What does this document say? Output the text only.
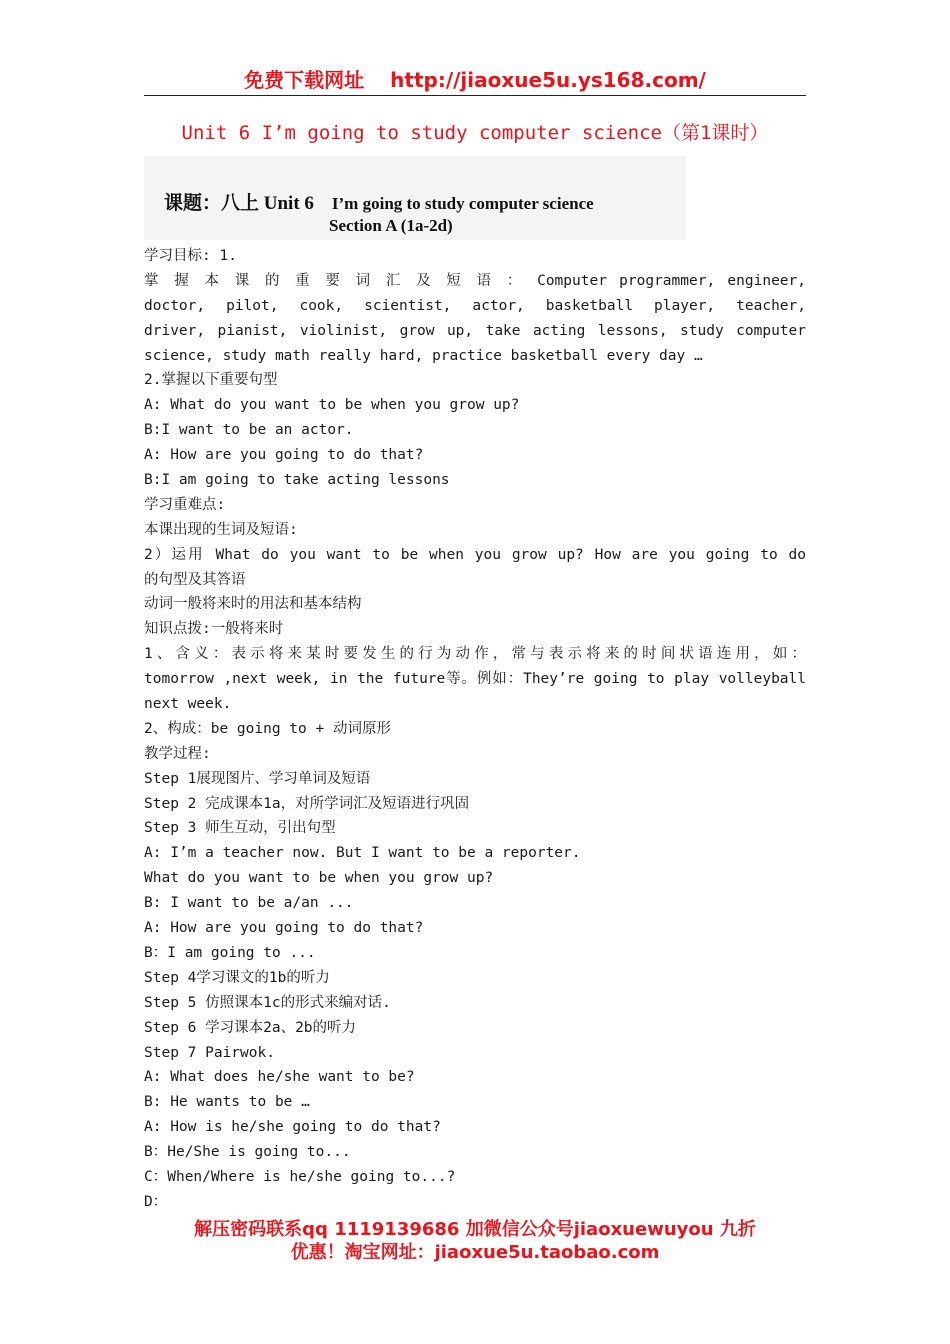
免费下载网址 http://jiaoxue5u.ys168.com/
Unit 6 I’m going to study computer science（第1课时）
课题：八上 Unit 6 I’m going to study computer science
Section A (1a-2d)
学习目标: 1.
掌 握 本 课 的 重 要 词 汇 及 短 语 ： Computer programmer, engineer,
doctor, pilot, cook, scientist, actor, basketball player, teacher,
driver, pianist, violinist, grow up, take acting lessons, study computer
science, study math really hard, practice basketball every day …
2.掌握以下重要句型
A: What do you want to be when you grow up?
B:I want to be an actor.
A: How are you going to do that?
B:I am going to take acting lessons
学习重难点:
本课出现的生词及短语:
2）运用 What do you want to be when you grow up? How are you going to do
的句型及其答语
动词一般将来时的用法和基本结构
知识点拨:一般将来时
1、含义：表示将来某时要发生的行为动作，常与表示将来的时间状语连用，如：
tomorrow ,next week, in the future等。例如：They’re going to play volleyball
next week.
2、构成：be going to + 动词原形
教学过程:
Step 1展现图片、学习单词及短语
Step 2 完成课本1a，对所学词汇及短语进行巩固
Step 3 师生互动，引出句型
A: I’m a teacher now. But I want to be a reporter.
What do you want to be when you grow up?
B: I want to be a/an ...
A: How are you going to do that?
B：I am going to ...
Step 4学习课文的1b的听力
Step 5 仿照课本1c的形式来编对话.
Step 6 学习课本2a、2b的听力
Step 7 Pairwok.
A: What does he/she want to be?
B: He wants to be …
A: How is he/she going to do that?
B：He/She is going to...
C：When/Where is he/she going to...?
D：
解压密码联系qq 1119139686 加微信公众号jiaoxuewuyou 九折
优惠！淘宝网址：jiaoxue5u.taobao.com
